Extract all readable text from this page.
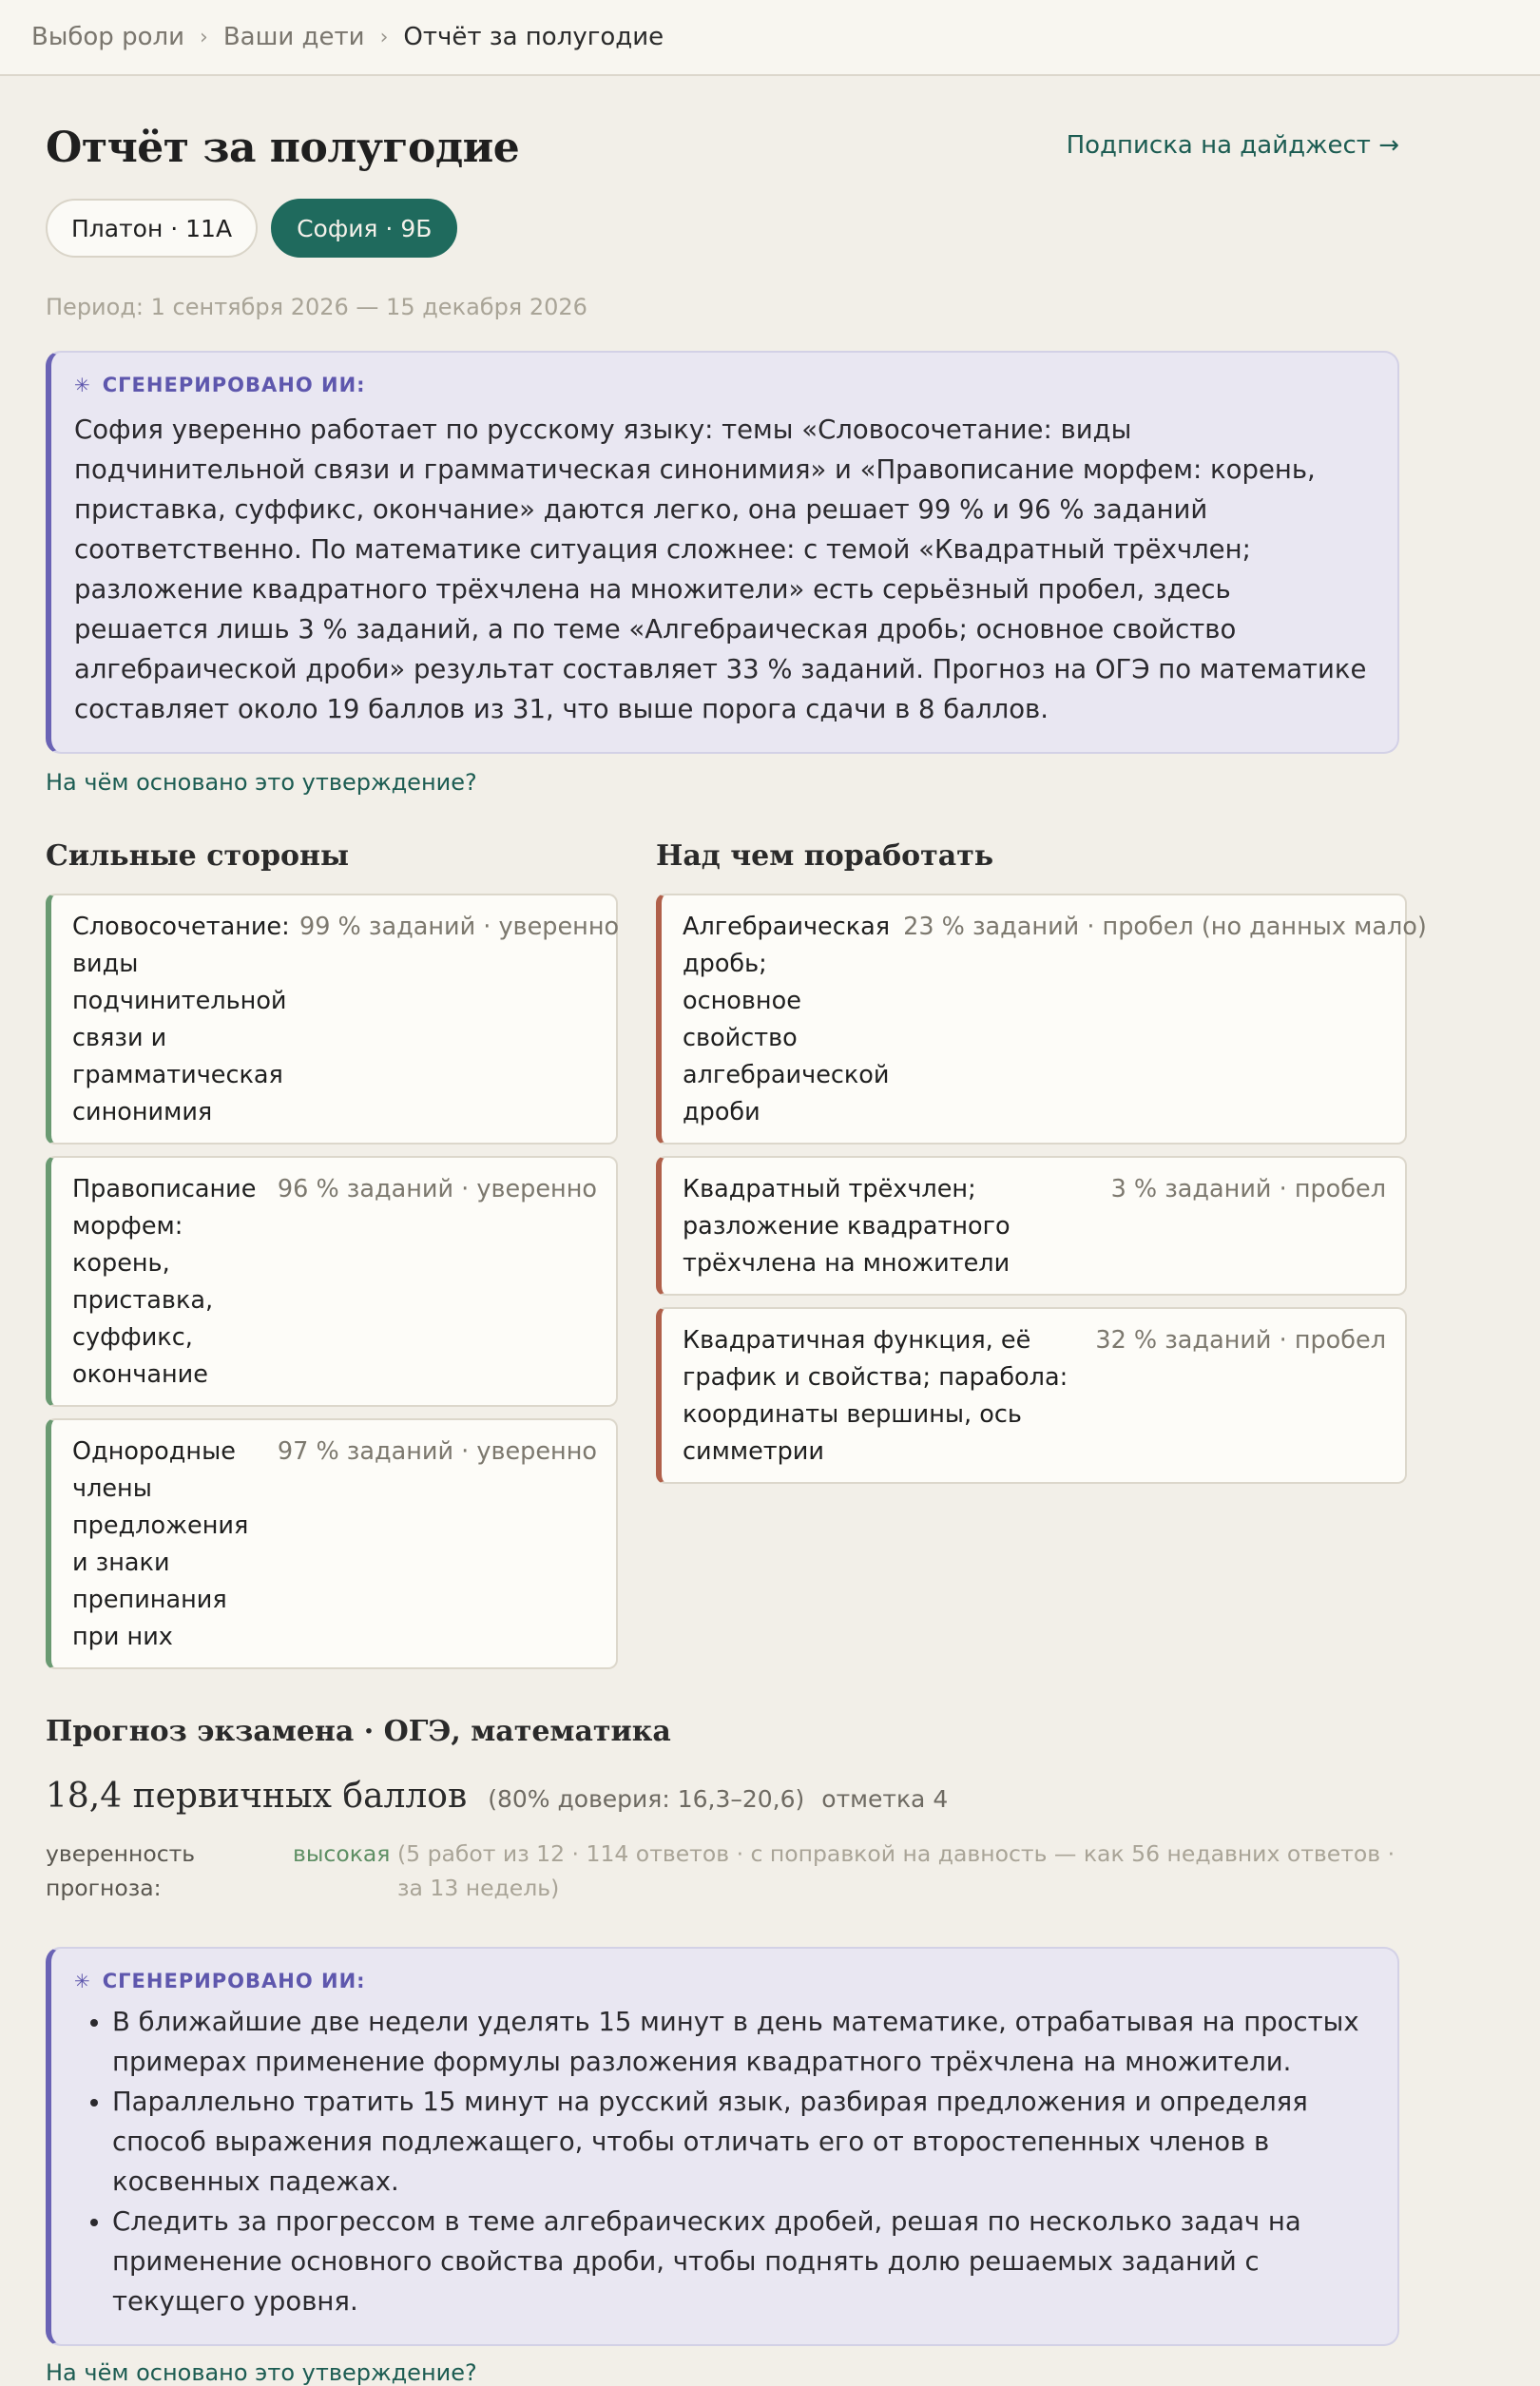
Выбор роли › Ваши дети › Отчёт за полугодие
Отчёт за полугодие	Подписка на дайджест →
Платон · 11А	София · 9Б
Период: 1 сентября 2026 — 15 декабря 2026
✳ СГЕНЕРИРОВАНО ИИ:

София уверенно работает по русскому языку: темы «Словосочетание: виды подчинительной связи и грамматическая синонимия» и «Правописание морфем: корень, приставка, суффикс, окончание» даются легко, она решает 99 % и 96 % заданий соответственно. По математике ситуация сложнее: с темой «Квадратный трёхчлен; разложение квадратного трёхчлена на множители» есть серьёзный пробел, здесь решается лишь 3 % заданий, а по теме «Алгебраическая дробь; основное свойство алгебраической дроби» результат составляет 33 % заданий. Прогноз на ОГЭ по математике составляет около 19 баллов из 31, что выше порога сдачи в 8 баллов.

На чём основано это утверждение?
Сильные стороны
Словосочетание: виды подчинительной связи и грамматическая синонимия
99 % заданий · уверенно
Правописание морфем: корень, приставка, суффикс, окончание
96 % заданий · уверенно
Однородные члены предложения и знаки препинания при них
97 % заданий · уверенно
Над чем поработать
Алгебраическая дробь; основное свойство алгебраической дроби
23 % заданий · пробел (но данных мало)
Квадратный трёхчлен; разложение квадратного трёхчлена на множители
3 % заданий · пробел
Квадратичная функция, её график и свойства; парабола: координаты вершины, ось симметрии
32 % заданий · пробел
Прогноз экзамена · ОГЭ, математика
18,4 первичных баллов (80% доверия: 16,3–20,6) отметка 4
уверенность прогноза:
высокая (5 работ из 12 · 114 ответов · с поправкой на давность — как 56 недавних ответов · за 13 недель)
✳ СГЕНЕРИРОВАНО ИИ:
• В ближайшие две недели уделять 15 минут в день математике, отрабатывая на простых примерах применение формулы разложения квадратного трёхчлена на множители.
• Параллельно тратить 15 минут на русский язык, разбирая предложения и определяя способ выражения подлежащего, чтобы отличать его от второстепенных членов в косвенных падежах.
• Следить за прогрессом в теме алгебраических дробей, решая по несколько задач на применение основного свойства дроби, чтобы поднять долю решаемых заданий с текущего уровня.
На чём основано это утверждение?
